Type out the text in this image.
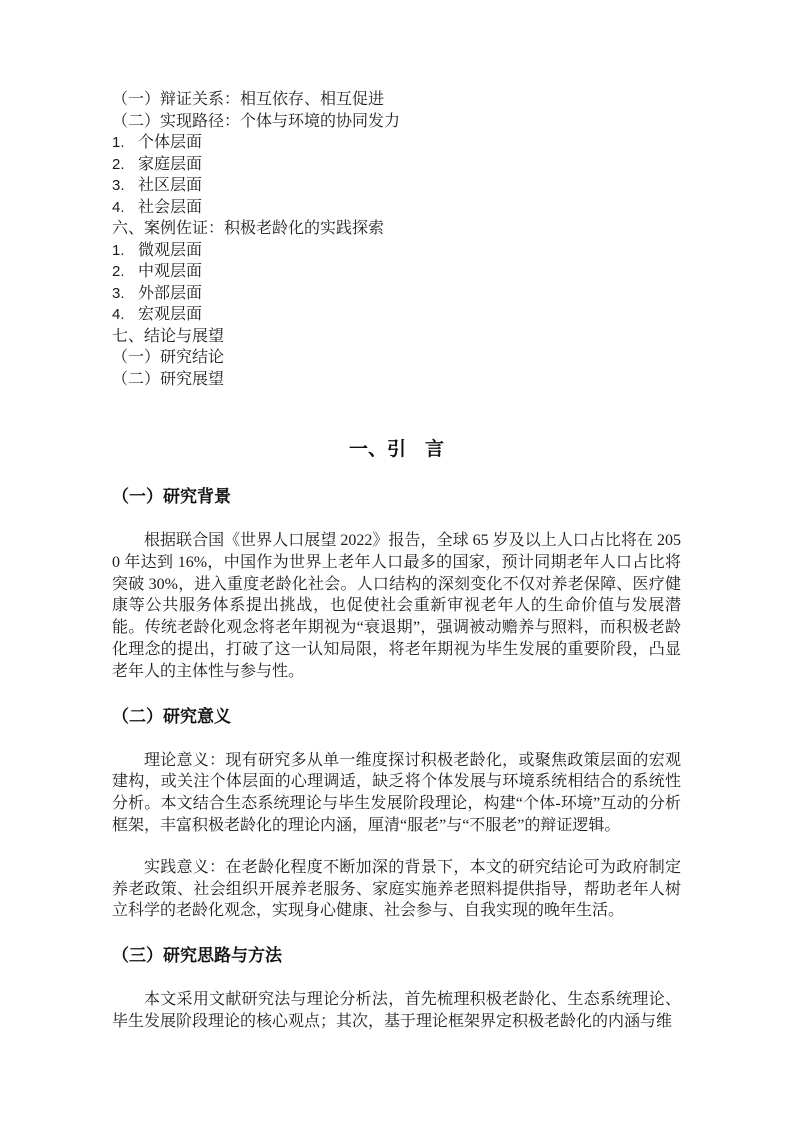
（一）辩证关系：相互依存、相互促进
（二）实现路径：个体与环境的协同发力
1. 个体层面
2. 家庭层面
3. 社区层面
4. 社会层面
六、案例佐证：积极老龄化的实践探索
1. 微观层面
2. 中观层面
3. 外部层面
4. 宏观层面
七、结论与展望
（一）研究结论
（二）研究展望
一、引　言
（一）研究背景

根据联合国《世界人口展望 2022》报告，全球 65 岁及以上人口占比将在 2050 年达到 16%，中国作为世界上老年人口最多的国家，预计同期老年人口占比将突破 30%，进入重度老龄化社会。人口结构的深刻变化不仅对养老保障、医疗健康等公共服务体系提出挑战，也促使社会重新审视老年人的生命价值与发展潜能。传统老龄化观念将老年期视为“衰退期”，强调被动赡养与照料，而积极老龄化理念的提出，打破了这一认知局限，将老年期视为毕生发展的重要阶段，凸显老年人的主体性与参与性。

（二）研究意义

理论意义：现有研究多从单一维度探讨积极老龄化，或聚焦政策层面的宏观建构，或关注个体层面的心理调适，缺乏将个体发展与环境系统相结合的系统性分析。本文结合生态系统理论与毕生发展阶段理论，构建“个体-环境”互动的分析框架，丰富积极老龄化的理论内涵，厘清“服老”与“不服老”的辩证逻辑。

实践意义：在老龄化程度不断加深的背景下，本文的研究结论可为政府制定养老政策、社会组织开展养老服务、家庭实施养老照料提供指导，帮助老年人树立科学的老龄化观念，实现身心健康、社会参与、自我实现的晚年生活。

（三）研究思路与方法

本文采用文献研究法与理论分析法，首先梳理积极老龄化、生态系统理论、毕生发展阶段理论的核心观点；其次，基于理论框架界定积极老龄化的内涵与维
